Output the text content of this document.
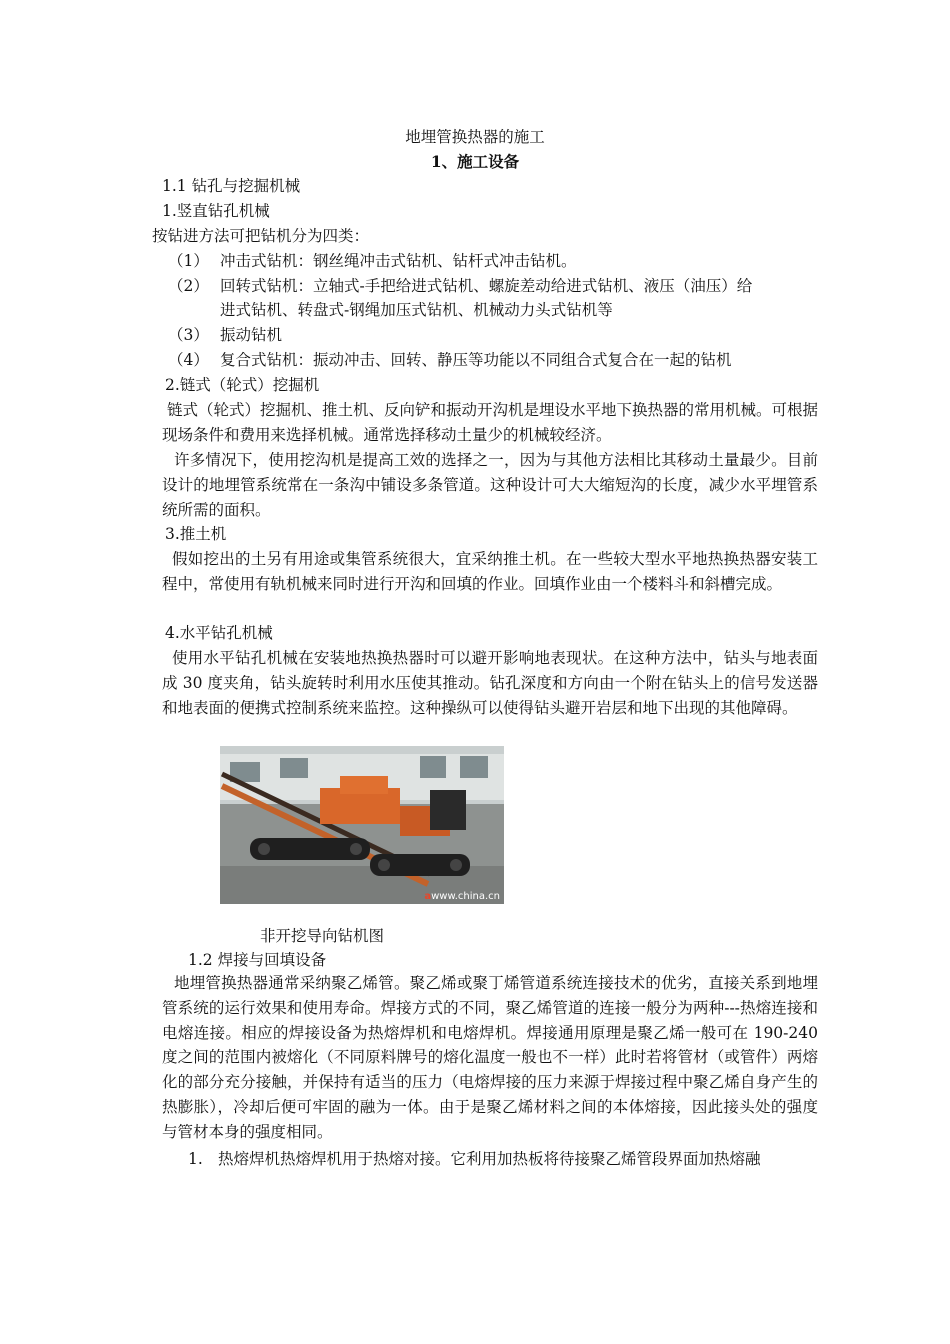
地埋管换热器的施工
1、施工设备
1.1 钻孔与挖掘机械
1.竖直钻孔机械
按钻进方法可把钻机分为四类：
（1） 冲击式钻机：钢丝绳冲击式钻机、钻杆式冲击钻机。
（2） 回转式钻机：立轴式-手把给进式钻机、螺旋差动给进式钻机、液压（油压）给
进式钻机、转盘式-钢绳加压式钻机、机械动力头式钻机等
（3） 振动钻机
（4） 复合式钻机：振动冲击、回转、静压等功能以不同组合式复合在一起的钻机
2.链式（轮式）挖掘机
链式（轮式）挖掘机、推土机、反向铲和振动开沟机是埋设水平地下换热器的常用机械。可根据现场条件和费用来选择机械。通常选择移动土量少的机械较经济。
许多情况下，使用挖沟机是提高工效的选择之一，因为与其他方法相比其移动土量最少。目前设计的地埋管系统常在一条沟中铺设多条管道。这种设计可大大缩短沟的长度，减少水平埋管系统所需的面积。
3.推土机
假如挖出的土另有用途或集管系统很大，宜采纳推土机。在一些较大型水平地热换热器安装工程中，常使用有轨机械来同时进行开沟和回填的作业。回填作业由一个楼料斗和斜槽完成。
4.水平钻孔机械
使用水平钻孔机械在安装地热换热器时可以避开影响地表现状。在这种方法中，钻头与地表面成 30 度夹角，钻头旋转时利用水压使其推动。钻孔深度和方向由一个附在钻头上的信号发送器和地表面的便携式控制系统来监控。这种操纵可以使得钻头避开岩层和地下出现的其他障碍。
awww.china.cn
非开挖导向钻机图
1.2 焊接与回填设备
地埋管换热器通常采纳聚乙烯管。聚乙烯或聚丁烯管道系统连接技术的优劣，直接关系到地埋管系统的运行效果和使用寿命。焊接方式的不同，聚乙烯管道的连接一般分为两种---热熔连接和电熔连接。相应的焊接设备为热熔焊机和电熔焊机。焊接通用原理是聚乙烯一般可在 190-240 度之间的范围内被熔化（不同原料牌号的熔化温度一般也不一样）此时若将管材（或管件）两熔化的部分充分接触，并保持有适当的压力（电熔焊接的压力来源于焊接过程中聚乙烯自身产生的热膨胀），冷却后便可牢固的融为一体。由于是聚乙烯材料之间的本体熔接，因此接头处的强度与管材本身的强度相同。
1. 热熔焊机热熔焊机用于热熔对接。它利用加热板将待接聚乙烯管段界面加热熔融
